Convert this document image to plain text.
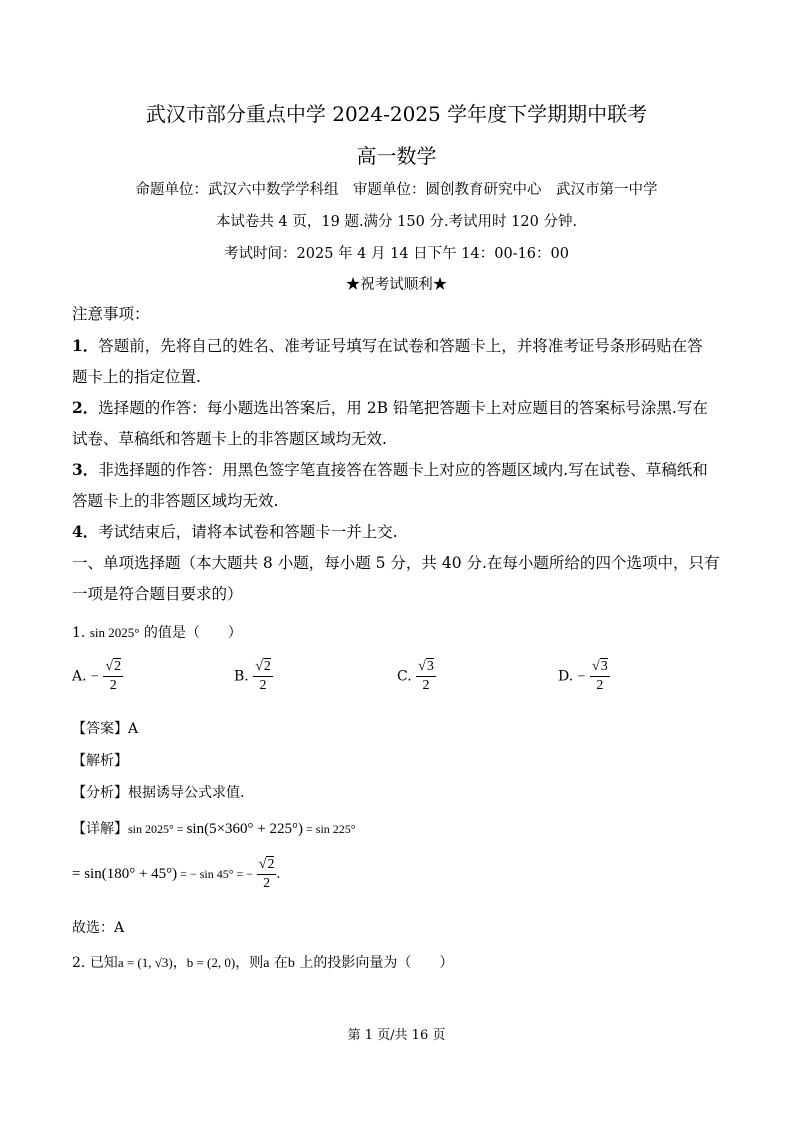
武汉市部分重点中学 2024-2025 学年度下学期期中联考
高一数学
命题单位：武汉六中数学学科组　审题单位：圆创教育研究中心　武汉市第一中学
本试卷共 4 页，19 题.满分 150 分.考试用时 120 分钟.
考试时间：2025 年 4 月 14 日下午 14：00-16：00
★祝考试顺利★
注意事项：
1．答题前，先将自己的姓名、准考证号填写在试卷和答题卡上，并将准考证号条形码贴在答
题卡上的指定位置.
2．选择题的作答：每小题选出答案后，用 2B 铅笔把答题卡上对应题目的答案标号涂黑.写在
试卷、草稿纸和答题卡上的非答题区域均无效.
3．非选择题的作答：用黑色签字笔直接答在答题卡上对应的答题区域内.写在试卷、草稿纸和
答题卡上的非答题区域均无效.
4．考试结束后，请将本试卷和答题卡一并上交.
一、单项选择题（本大题共 8 小题，每小题 5 分，共 40 分.在每小题所给的四个选项中，只有
一项是符合题目要求的）
1. sin 2025° 的值是（　　）
A. − $\frac{√2}{2}$	B. $\frac{√2}{2}$	C. $\frac{√3}{2}$	D. − $\frac{√3}{2}$
【答案】A
【解析】
【分析】根据诱导公式求值.
【详解】sin 2025° = sin(5×360° + 225°) = sin 225°
= sin(180° + 45°) = − sin 45° = − $\frac{√2}{2}$ .
故选：A
2. 已知a = (1, √3)，b = (2, 0)，则a 在b 上的投影向量为（　　）
第 1 页/共 16 页
